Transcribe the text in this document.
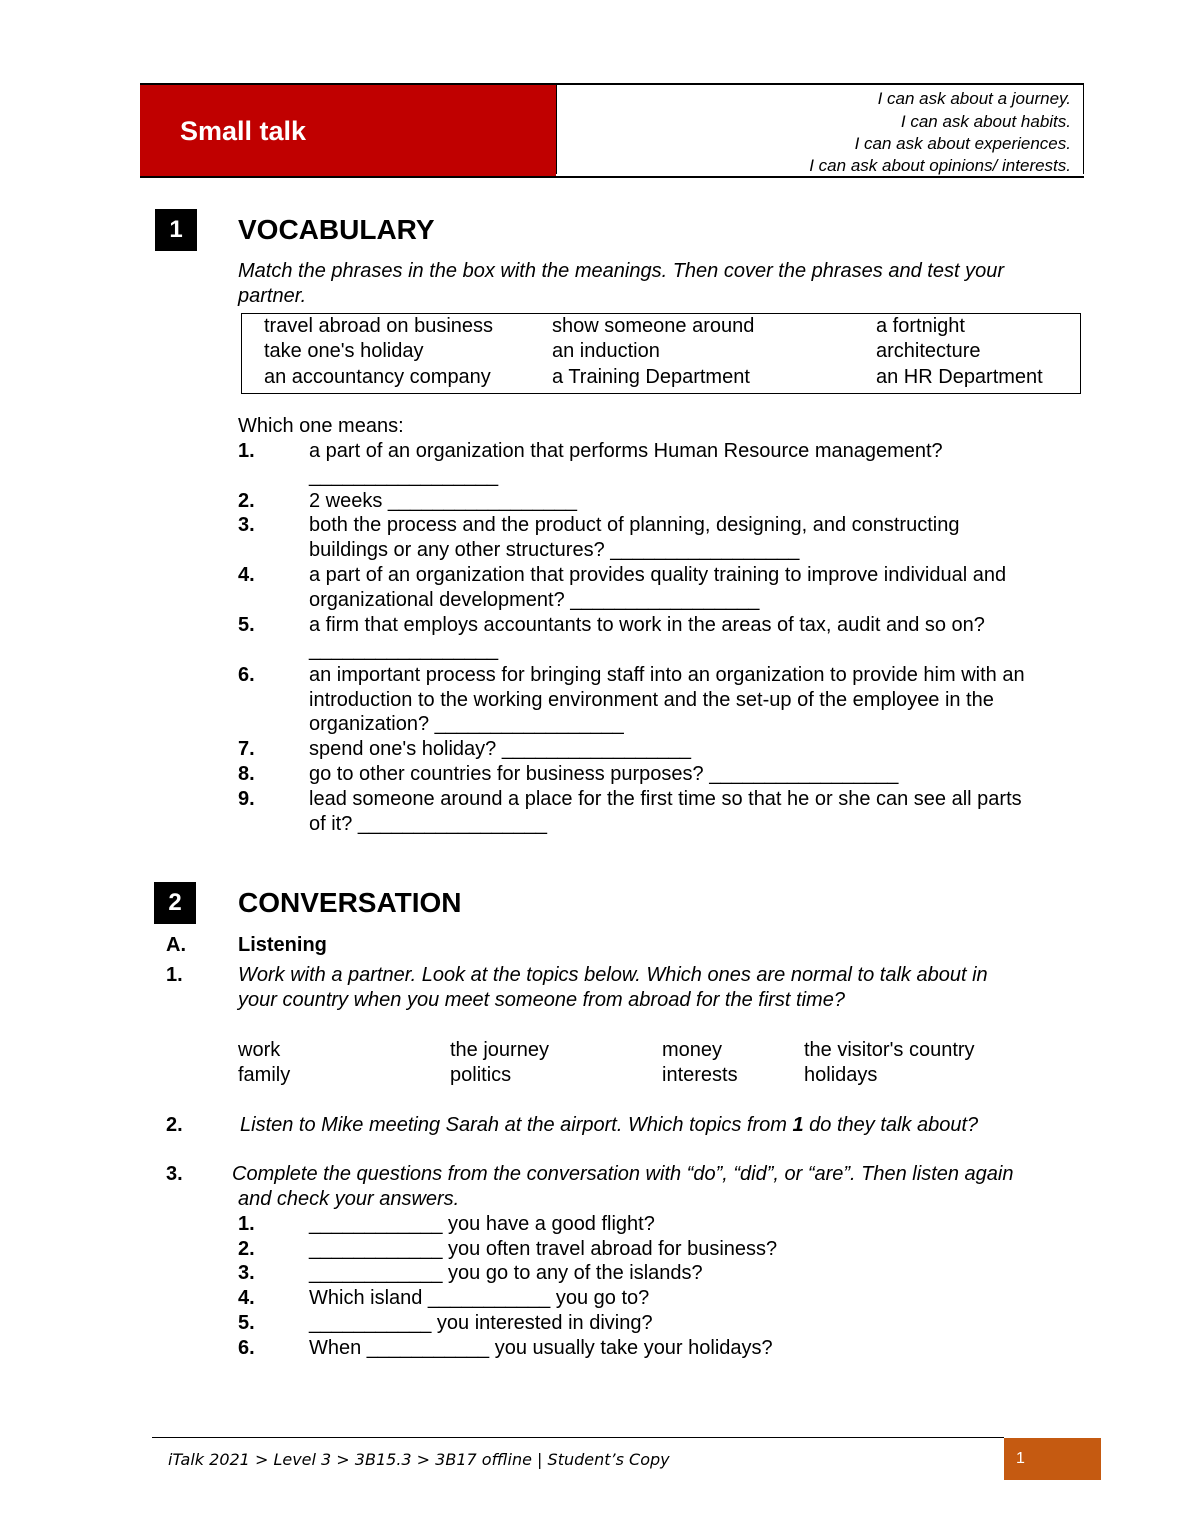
Small talk
I can ask about a journey.
I can ask about habits.
I can ask about experiences.
I can ask about opinions/ interests.
1	VOCABULARY
Match the phrases in the box with the meanings. Then cover the phrases and test your
partner.
travel abroad on business	show someone around	a fortnight
take one's holiday	an induction	architecture
an accountancy company	a Training Department	an HR Department
Which one means:
1.	a part of an organization that performs Human Resource management?
_________________
2.	2 weeks _________________
3.	both the process and the product of planning, designing, and constructing
buildings or any other structures? _________________
4.	a part of an organization that provides quality training to improve individual and
organizational development? _________________
5.	a firm that employs accountants to work in the areas of tax, audit and so on?
_________________
6.	an important process for bringing staff into an organization to provide him with an
introduction to the working environment and the set-up of the employee in the
organization? _________________
7.	spend one's holiday? _________________
8.	go to other countries for business purposes? _________________
9.	lead someone around a place for the first time so that he or she can see all parts
of it? _________________
2	CONVERSATION
A.	Listening
1.	Work with a partner. Look at the topics below. Which ones are normal to talk about in
your country when you meet someone from abroad for the first time?
work	the journey	money	the visitor's country
family	politics	interests	holidays
2.	Listen to Mike meeting Sarah at the airport. Which topics from 1 do they talk about?
3. Complete the questions from the conversation with “do”, “did”, or “are”. Then listen again
and check your answers.
1.	____________ you have a good flight?
2.	____________ you often travel abroad for business?
3.	____________ you go to any of the islands?
4.	Which island ___________ you go to?
5.	___________ you interested in diving?
6.	When ___________ you usually take your holidays?
iTalk 2021 > Level 3 > 3B15.3 > 3B17 offline | Student’s Copy	1
